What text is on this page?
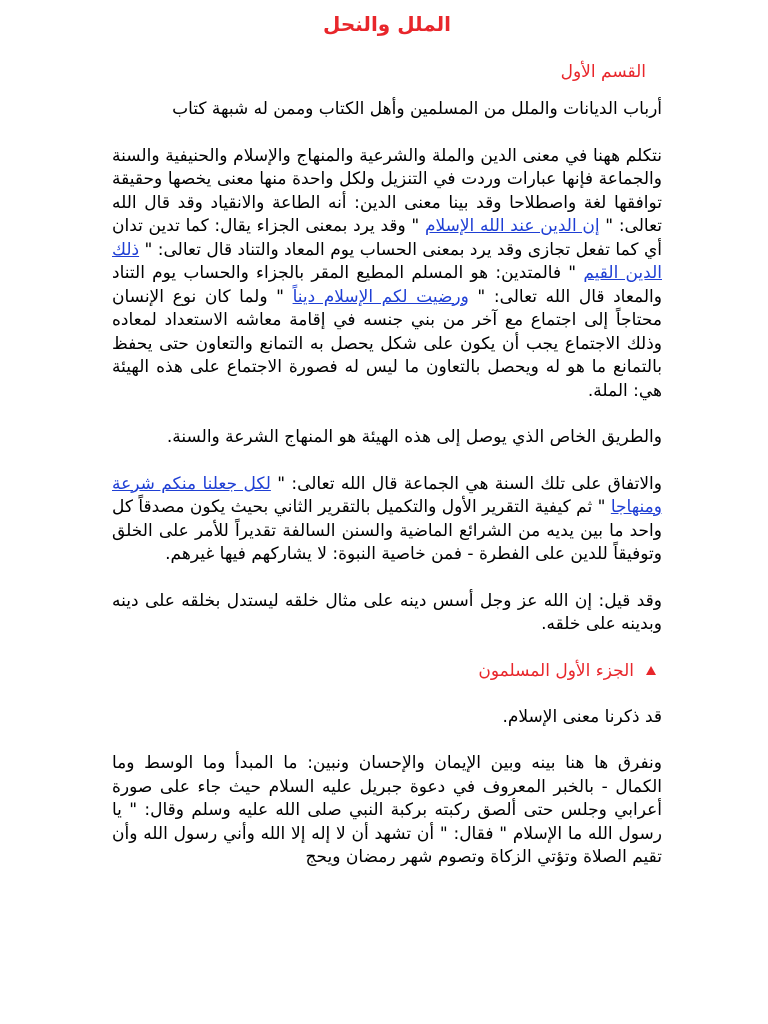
الملل والنحل
القسم الأول

أرباب الديانات والملل من المسلمين وأهل الكتاب وممن له شبهة كتاب

نتكلم ههنا في معنى الدين والملة والشرعية والمنهاج والإسلام والحنيفية والسنة والجماعة فإنها عبارات وردت في التنزيل ولكل واحدة منها معنى يخصها وحقيقة توافقها لغة واصطلاحا وقد بينا معنى الدين: أنه الطاعة والانقياد وقد قال الله تعالى: " إن الدين عند الله الإسلام " وقد يرد بمعنى الجزاء يقال: كما تدين تدان أي كما تفعل تجازى وقد يرد بمعنى الحساب يوم المعاد والتناد قال تعالى: " ذلك الدين القيم " فالمتدين: هو المسلم المطيع المقر بالجزاء والحساب يوم التناد والمعاد قال الله تعالى: " ورضيت لكم الإسلام ديناً " ولما كان نوع الإنسان محتاجاً إلى اجتماع مع آخر من بني جنسه في إقامة معاشه الاستعداد لمعاده وذلك الاجتماع يجب أن يكون على شكل يحصل به التمانع والتعاون حتى يحفظ بالتمانع ما هو له ويحصل بالتعاون ما ليس له فصورة الاجتماع على هذه الهيئة هي: الملة.

والطريق الخاص الذي يوصل إلى هذه الهيئة هو المنهاج الشرعة والسنة.

والاتفاق على تلك السنة هي الجماعة قال الله تعالى: " لكل جعلنا منكم شرعة ومنهاجا " ثم كيفية التقرير الأول والتكميل بالتقرير الثاني بحيث يكون مصدقاً كل واحد ما بين يديه من الشرائع الماضية والسنن السالفة تقديراً للأمر على الخلق وتوفيقاً للدين على الفطرة - فمن خاصية النبوة: لا يشاركهم فيها غيرهم.

وقد قيل: إن الله عز وجل أسس دينه على مثال خلقه ليستدل بخلقه على دينه وبدينه على خلقه.

الجزء الأول المسلمون

قد ذكرنا معنى الإسلام.

ونفرق ها هنا بينه وبين الإيمان والإحسان ونبين: ما المبدأ وما الوسط وما الكمال - بالخبر المعروف في دعوة جبريل عليه السلام حيث جاء على صورة أعرابي وجلس حتى ألصق ركبته بركبة النبي صلى الله عليه وسلم وقال: " يا رسول الله ما الإسلام " فقال: " أن تشهد أن لا إله إلا الله وأني رسول الله وأن تقيم الصلاة وتؤتي الزكاة وتصوم شهر رمضان ويحج
